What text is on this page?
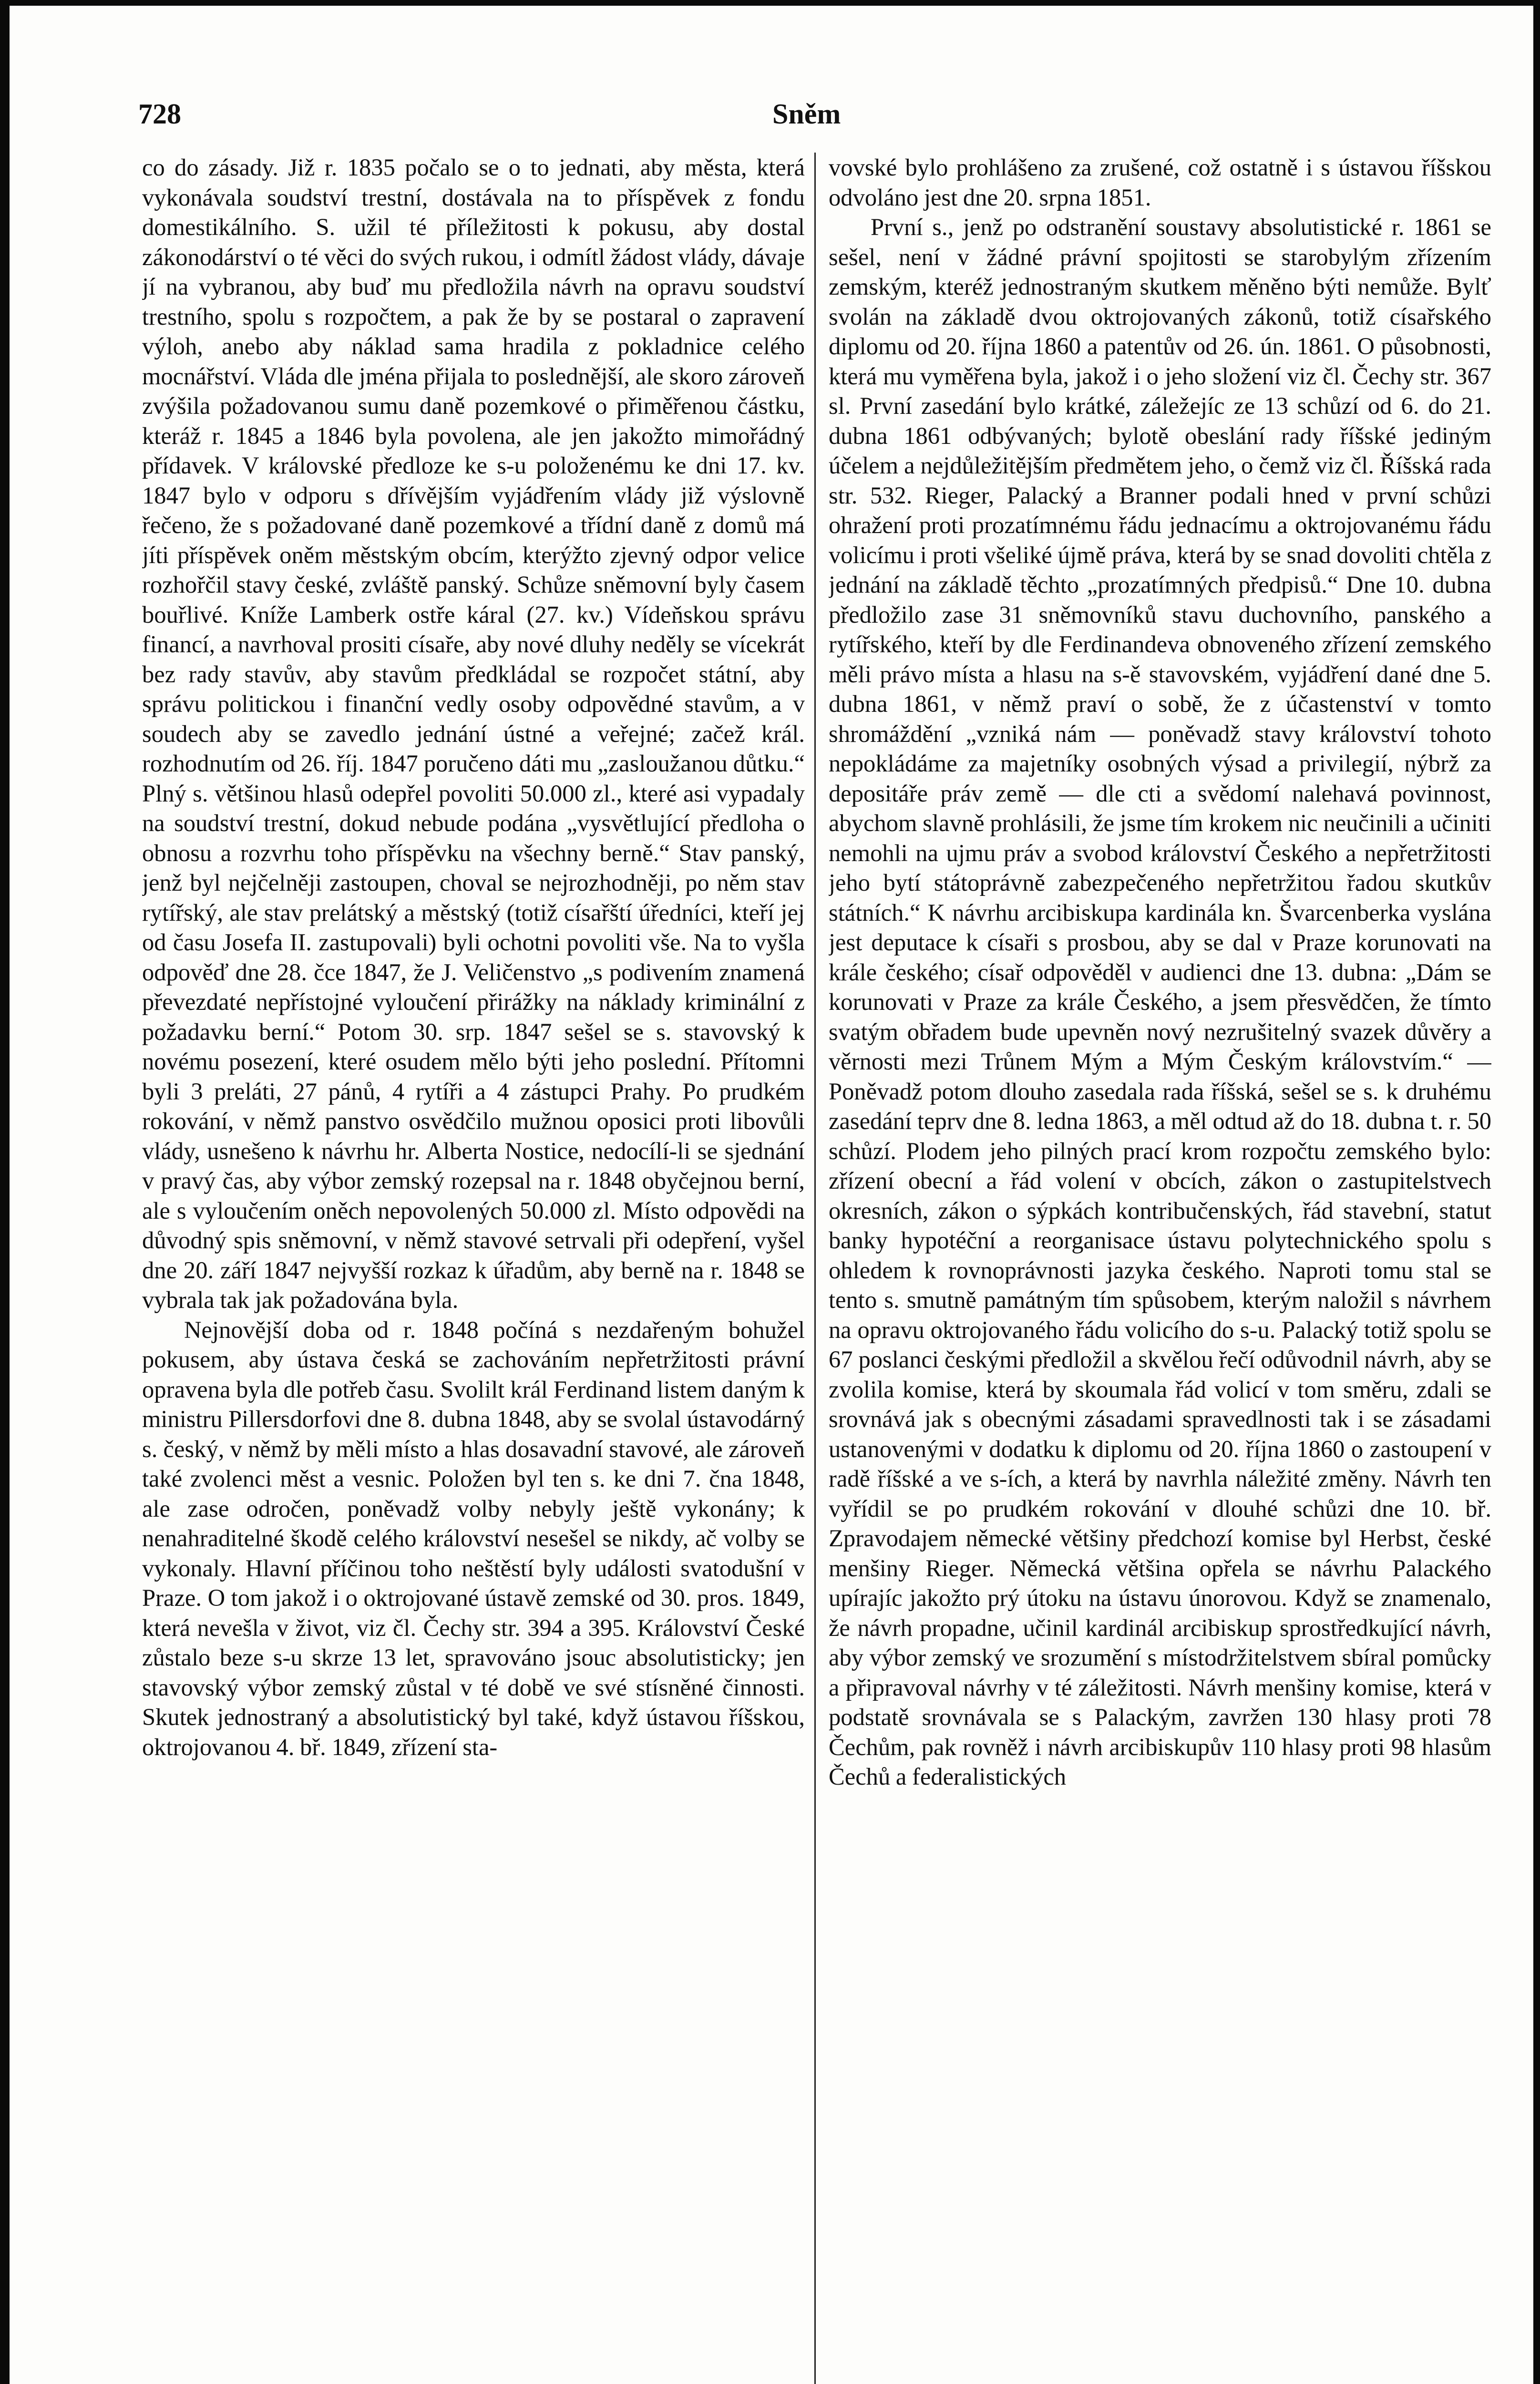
728	Sněm

co do zásady. Již r. 1835 počalo se o to jednati, aby města, která vykonávala soudství trestní, dostávala na to příspěvek z fondu domestikálního. S. užil té příležitosti k pokusu, aby dostal zákonodárství o té věci do svých rukou, i odmítl žádost vlády, dávaje jí na vybranou, aby buď mu předložila návrh na opravu soudství trestního, spolu s rozpočtem, a pak že by se postaral o zapravení výloh, anebo aby náklad sama hradila z pokladnice celého mocnářství. Vláda dle jména přijala to poslednější, ale skoro zároveň zvýšila požadovanou sumu daně pozemkové o přiměřenou částku, kteráž r. 1845 a 1846 byla povolena, ale jen jakožto mimořádný přídavek. V královské předloze ke s-u položenému ke dni 17. kv. 1847 bylo v odporu s dřívějším vyjádřením vlády již výslovně řečeno, že s požadované daně pozemkové a třídní daně z domů má jíti příspěvek oněm městským obcím, kterýžto zjevný odpor velice rozhořčil stavy české, zvláště panský. Schůze sněmovní byly časem bouřlivé. Kníže Lamberk ostře káral (27. kv.) Vídeňskou správu financí, a navrhoval prositi císaře, aby nové dluhy neděly se vícekrát bez rady stavův, aby stavům předkládal se rozpočet státní, aby správu politickou i finanční vedly osoby odpovědné stavům, a v soudech aby se zavedlo jednání ústné a veřejné; začež král. rozhodnutím od 26. říj. 1847 poručeno dáti mu „zasloužanou důtku.“ Plný s. většinou hlasů odepřel povoliti 50.000 zl., které asi vypadaly na soudství trestní, dokud nebude podána „vysvětlující předloha o obnosu a rozvrhu toho příspěvku na všechny berně.“ Stav panský, jenž byl nejčelněji zastoupen, choval se nejrozhodněji, po něm stav rytířský, ale stav prelátský a městský (totiž císařští úředníci, kteří jej od času Josefa II. zastupovali) byli ochotni povoliti vše. Na to vyšla odpověď dne 28. čce 1847, že J. Veličenstvo „s podivením znamená převezdaté nepřístojné vyloučení přirážky na náklady kriminální z požadavku berní.“ Potom 30. srp. 1847 sešel se s. stavovský k novému posezení, které osudem mělo býti jeho poslední. Přítomni byli 3 preláti, 27 pánů, 4 rytíři a 4 zástupci Prahy. Po prudkém rokování, v němž panstvo osvědčilo mužnou oposici proti libovůli vlády, usnešeno k návrhu hr. Alberta Nostice, nedocílí-li se sjednání v pravý čas, aby výbor zemský rozepsal na r. 1848 obyčejnou berní, ale s vyloučením oněch nepovolených 50.000 zl. Místo odpovědi na důvodný spis sněmovní, v němž stavové setrvali při odepření, vyšel dne 20. září 1847 nejvyšší rozkaz k úřadům, aby berně na r. 1848 se vybrala tak jak požadována byla.

Nejnovější doba od r. 1848 počíná s nezdařeným bohužel pokusem, aby ústava česká se zachováním nepřetržitosti právní opravena byla dle potřeb času. Svolilt král Ferdinand listem daným k ministru Pillersdorfovi dne 8. dubna 1848, aby se svolal ústavodárný s. český, v němž by měli místo a hlas dosavadní stavové, ale zároveň také zvolenci měst a vesnic. Položen byl ten s. ke dni 7. čna 1848, ale zase odročen, poněvadž volby nebyly ještě vykonány; k nenahraditelné škodě celého království nesešel se nikdy, ač volby se vykonaly. Hlavní příčinou toho neštěstí byly události svatodušní v Praze. O tom jakož i o oktrojované ústavě zemské od 30. pros. 1849, která nevešla v život, viz čl. Čechy str. 394 a 395. Království České zůstalo beze s-u skrze 13 let, spravováno jsouc absolutisticky; jen stavovský výbor zemský zůstal v té době ve své stísněné činnosti. Skutek jednostraný a absolutistický byl také, když ústavou říšskou, oktrojovanou 4. bř. 1849, zřízení sta-

vovské bylo prohlášeno za zrušené, což ostatně i s ústavou říšskou odvoláno jest dne 20. srpna 1851.

První s., jenž po odstranění soustavy absolutistické r. 1861 se sešel, není v žádné právní spojitosti se starobylým zřízením zemským, kteréž jednostraným skutkem měněno býti nemůže. Bylť svolán na základě dvou oktrojovaných zákonů, totiž císařského diplomu od 20. října 1860 a patentův od 26. ún. 1861. O působnosti, která mu vyměřena byla, jakož i o jeho složení viz čl. Čechy str. 367 sl. První zasedání bylo krátké, záležejíc ze 13 schůzí od 6. do 21. dubna 1861 odbývaných; bylotě obeslání rady říšské jediným účelem a nejdůležitějším předmětem jeho, o čemž viz čl. Říšská rada str. 532. Rieger, Palacký a Branner podali hned v první schůzi ohražení proti prozatímnému řádu jednacímu a oktrojovanému řádu volicímu i proti všeliké újmě práva, která by se snad dovoliti chtěla z jednání na základě těchto „prozatímných předpisů.“ Dne 10. dubna předložilo zase 31 sněmovníků stavu duchovního, panského a rytířského, kteří by dle Ferdinandeva obnoveného zřízení zemského měli právo místa a hlasu na s-ě stavovském, vyjádření dané dne 5. dubna 1861, v němž praví o sobě, že z účastenství v tomto shromáždění „vzniká nám — poněvadž stavy království tohoto nepokládáme za majetníky osobných výsad a privilegií, nýbrž za depositáře práv země — dle cti a svědomí nalehavá povinnost, abychom slavně prohlásili, že jsme tím krokem nic neučinili a učiniti nemohli na ujmu práv a svobod království Českého a nepřetržitosti jeho bytí státoprávně zabezpečeného nepřetržitou řadou skutkův státních.“ K návrhu arcibiskupa kardinála kn. Švarcenberka vyslána jest deputace k císaři s prosbou, aby se dal v Praze korunovati na krále českého; císař odpověděl v audienci dne 13. dubna: „Dám se korunovati v Praze za krále Českého, a jsem přesvědčen, že tímto svatým obřadem bude upevněn nový nezrušitelný svazek důvěry a věrnosti mezi Trůnem Mým a Mým Českým královstvím.“ — Poněvadž potom dlouho zasedala rada říšská, sešel se s. k druhému zasedání teprv dne 8. ledna 1863, a měl odtud až do 18. dubna t. r. 50 schůzí. Plodem jeho pilných prací krom rozpočtu zemského bylo: zřízení obecní a řád volení v obcích, zákon o zastupitelstvech okresních, zákon o sýpkách kontribučenských, řád stavební, statut banky hypotéční a reorganisace ústavu polytechnického spolu s ohledem k rovnoprávnosti jazyka českého. Naproti tomu stal se tento s. smutně památným tím spůsobem, kterým naložil s návrhem na opravu oktrojovaného řádu volicího do s-u. Palacký totiž spolu se 67 poslanci českými předložil a skvělou řečí odůvodnil návrh, aby se zvolila komise, která by skoumala řád volicí v tom směru, zdali se srovnává jak s obecnými zásadami spravedlnosti tak i se zásadami ustanovenými v dodatku k diplomu od 20. října 1860 o zastoupení v radě říšské a ve s-ích, a která by navrhla náležité změny. Návrh ten vyřídil se po prudkém rokování v dlouhé schůzi dne 10. bř. Zpravodajem německé většiny předchozí komise byl Herbst, české menšiny Rieger. Německá většina opřela se návrhu Palackého upírajíc jakožto prý útoku na ústavu únorovou. Když se znamenalo, že návrh propadne, učinil kardinál arcibiskup sprostředkující návrh, aby výbor zemský ve srozumění s místodržitelstvem sbíral pomůcky a připravoval návrhy v té záležitosti. Návrh menšiny komise, která v podstatě srovnávala se s Palackým, zavržen 130 hlasy proti 78 Čechům, pak rovněž i návrh arcibiskupův 110 hlasy proti 98 hlasům Čechů a federalistických
